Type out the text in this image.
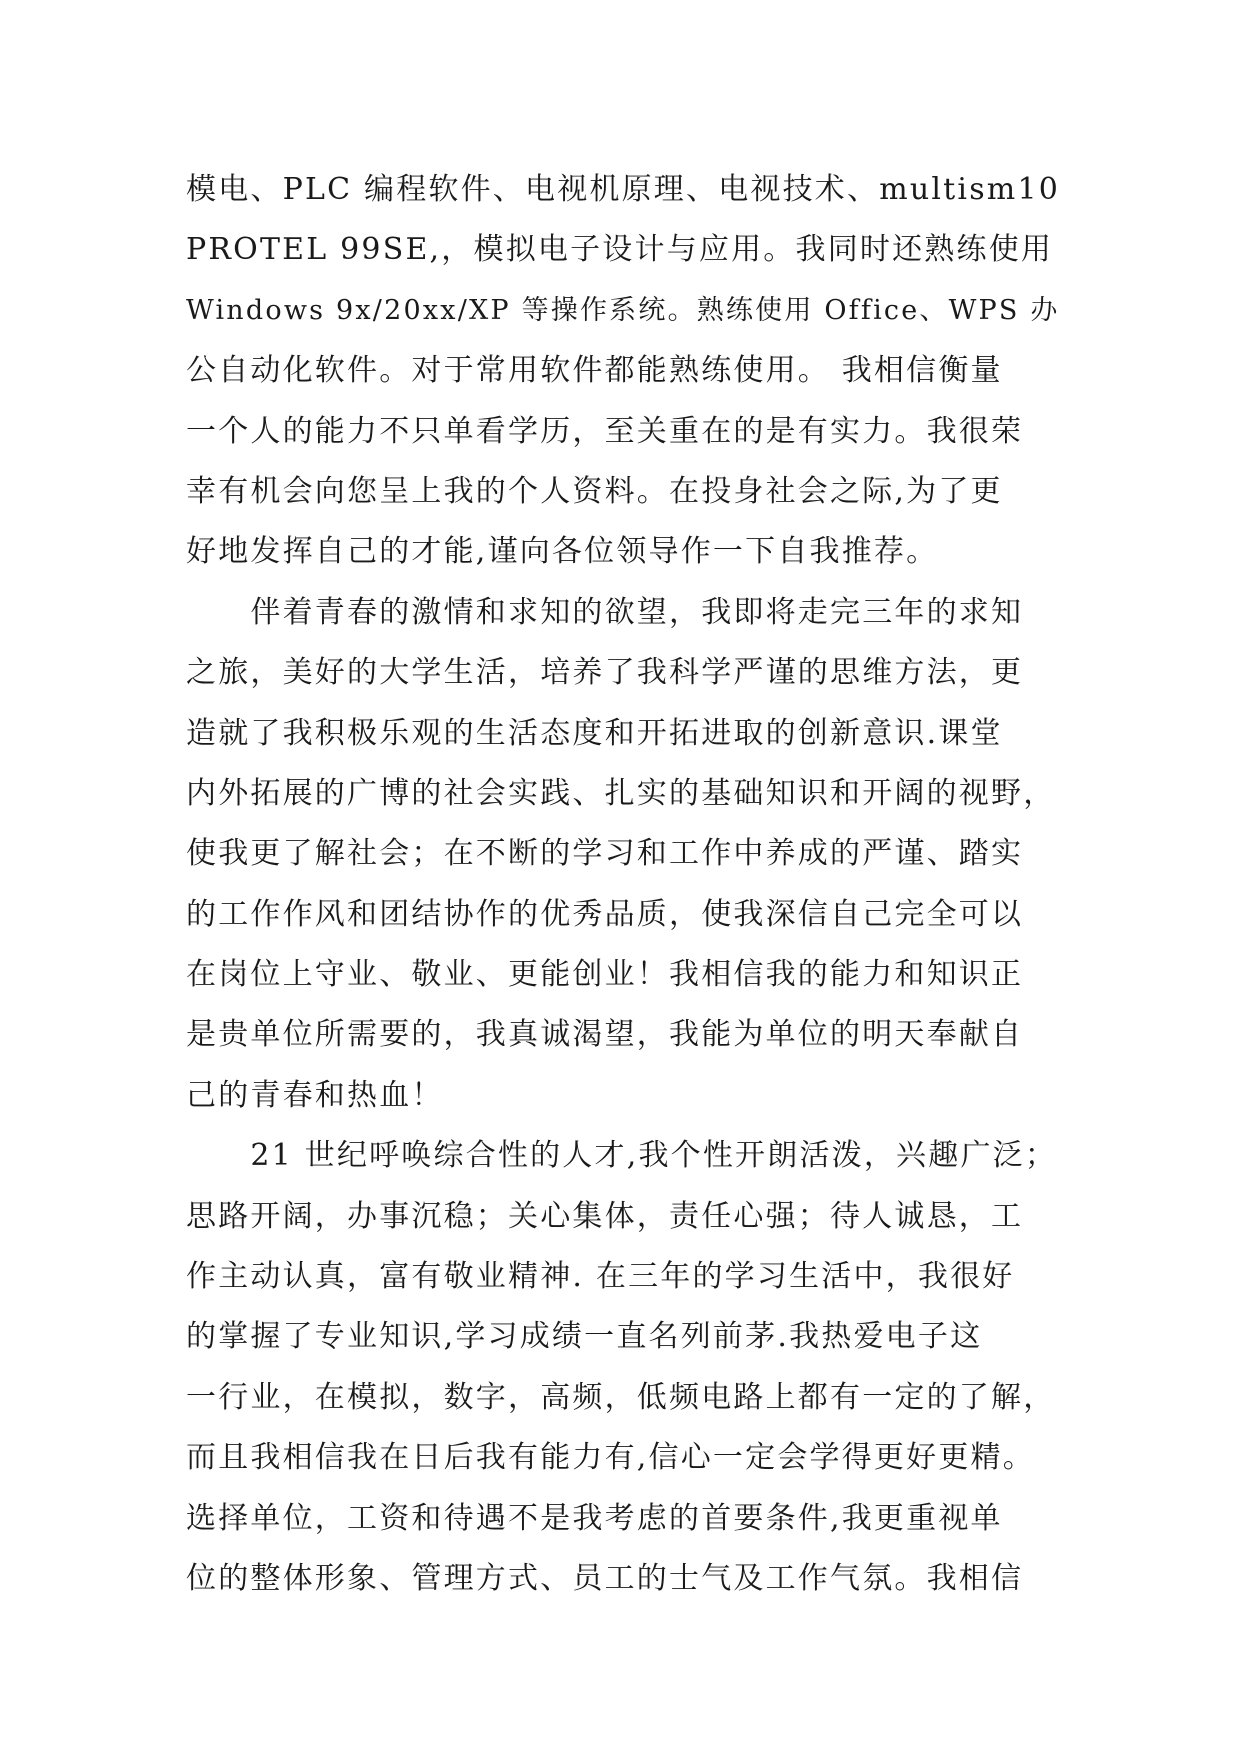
模电、PLC 编程软件、电视机原理、电视技术、multism10
PROTEL 99SE,，模拟电子设计与应用。我同时还熟练使用
Windows 9x/20xx/XP 等操作系统。熟练使用 Office、WPS 办
公自动化软件。对于常用软件都能熟练使用。 我相信衡量
一个人的能力不只单看学历，至关重在的是有实力。我很荣
幸有机会向您呈上我的个人资料。在投身社会之际,为了更
好地发挥自己的才能,谨向各位领导作一下自我推荐。
　　伴着青春的激情和求知的欲望，我即将走完三年的求知
之旅，美好的大学生活，培养了我科学严谨的思维方法，更
造就了我积极乐观的生活态度和开拓进取的创新意识.课堂
内外拓展的广博的社会实践、扎实的基础知识和开阔的视野，
使我更了解社会；在不断的学习和工作中养成的严谨、踏实
的工作作风和团结协作的优秀品质，使我深信自己完全可以
在岗位上守业、敬业、更能创业！我相信我的能力和知识正
是贵单位所需要的，我真诚渴望，我能为单位的明天奉献自
己的青春和热血！
　　21 世纪呼唤综合性的人才,我个性开朗活泼，兴趣广泛；
思路开阔，办事沉稳；关心集体，责任心强；待人诚恳，工
作主动认真，富有敬业精神. 在三年的学习生活中，我很好
的掌握了专业知识,学习成绩一直名列前茅.我热爱电子这
一行业，在模拟，数字，高频，低频电路上都有一定的了解，
而且我相信我在日后我有能力有,信心一定会学得更好更精。
选择单位，工资和待遇不是我考虑的首要条件,我更重视单
位的整体形象、管理方式、员工的士气及工作气氛。我相信
